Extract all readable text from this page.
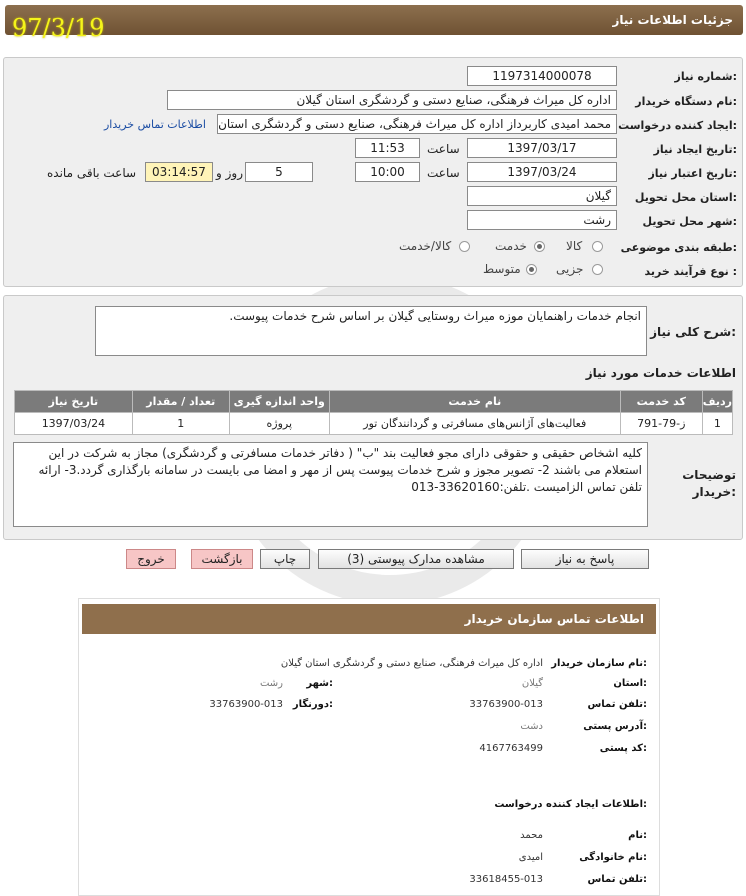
جزئیات اطلاعات نیاز
97/3/19
شماره نیاز:
1197314000078
نام دستگاه خریدار:
اداره کل میراث فرهنگی، صنایع دستی و گردشگری استان گیلان
ایجاد کننده درخواست:
محمد امیدی کاربرداز اداره کل میراث فرهنگی، صنایع دستی و گردشگری استان
اطلاعات تماس خریدار
تاریخ ایجاد نیاز:
1397/03/17
ساعت
11:53
تاریخ اعتبار نیاز:
1397/03/24
ساعت
10:00
5
روز و
03:14:57
ساعت باقی مانده
استان محل تحویل:
گیلان
شهر محل تحویل:
رشت
طبقه بندی موضوعی:
کالا
خدمت
کالا/خدمت
نوع فرآیند خرید :
جزیی
متوسط
شرح کلی نیاز:
انجام خدمات راهنمایان موزه میراث روستایی گیلان بر اساس شرح خدمات پیوست.
اطلاعات خدمات مورد نیاز
ردیف	کد خدمت	نام خدمت	واحد اندازه گیری	تعداد / مقدار	تاریخ نیاز
1	ز-79-791	فعالیت‌های آژانس‌های مسافرتی و گردانندگان تور	پروژه	1	1397/03/24
توضیحات
خریدار:
کلیه اشخاص حقیقی و حقوقی دارای مجو فعالیت بند "ب" ( دفاتر خدمات مسافرتی و گردشگری) مجاز به شرکت در این استعلام می باشند 2- تصویر مجوز و شرح خدمات پیوست پس از مهر و امضا می بایست در سامانه بارگذاری گردد.3- ارائه تلفن تماس الزامیست .تلفن:33620160-013
پاسخ به نیاز
مشاهده مدارک پیوستی (3)
چاپ
بازگشت
خروج
اطلاعات تماس سازمان خریدار
نام سازمان خریدار:
اداره کل میراث فرهنگی، صنایع دستی و گردشگری استان گیلان
استان:
گیلان
شهر:
رشت
تلفن تماس:
33763900-013
دورنگار:
33763900-013
آدرس پستی:
دشت
کد پستی:
4167763499
اطلاعات ایجاد کننده درخواست:
نام:
محمد
نام خانوادگی:
امیدی
تلفن تماس:
33618455-013
